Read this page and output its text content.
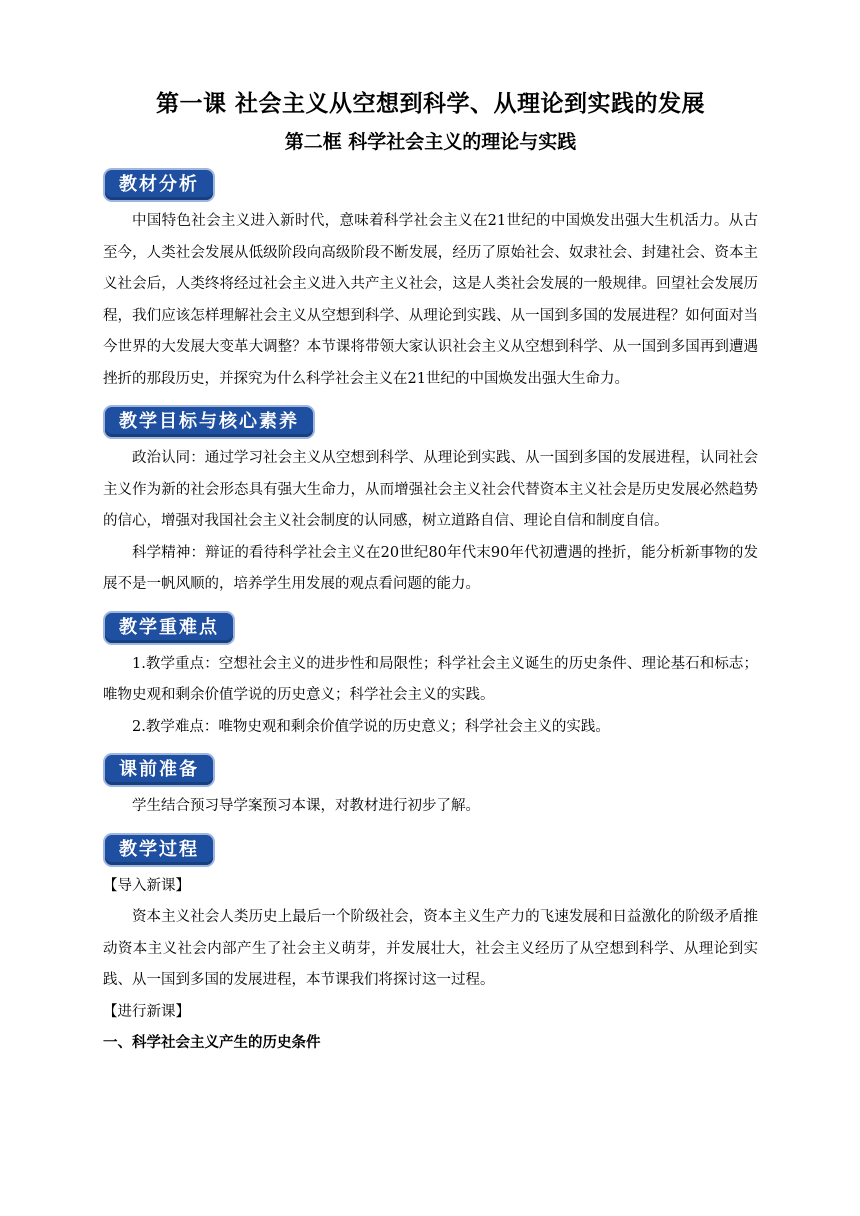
第一课 社会主义从空想到科学、从理论到实践的发展
第二框 科学社会主义的理论与实践
教材分析

中国特色社会主义进入新时代，意味着科学社会主义在21世纪的中国焕发出强大生机活力。从古至今，人类社会发展从低级阶段向高级阶段不断发展，经历了原始社会、奴隶社会、封建社会、资本主义社会后，人类终将经过社会主义进入共产主义社会，这是人类社会发展的一般规律。回望社会发展历程，我们应该怎样理解社会主义从空想到科学、从理论到实践、从一国到多国的发展进程？如何面对当今世界的大发展大变革大调整？本节课将带领大家认识社会主义从空想到科学、从一国到多国再到遭遇挫折的那段历史，并探究为什么科学社会主义在21世纪的中国焕发出强大生命力。

教学目标与核心素养

政治认同：通过学习社会主义从空想到科学、从理论到实践、从一国到多国的发展进程，认同社会主义作为新的社会形态具有强大生命力，从而增强社会主义社会代替资本主义社会是历史发展必然趋势的信心，增强对我国社会主义社会制度的认同感，树立道路自信、理论自信和制度自信。

科学精神：辩证的看待科学社会主义在20世纪80年代末90年代初遭遇的挫折，能分析新事物的发展不是一帆风顺的，培养学生用发展的观点看问题的能力。

教学重难点

1.教学重点：空想社会主义的进步性和局限性；科学社会主义诞生的历史条件、理论基石和标志；唯物史观和剩余价值学说的历史意义；科学社会主义的实践。

2.教学难点：唯物史观和剩余价值学说的历史意义；科学社会主义的实践。

课前准备

学生结合预习导学案预习本课，对教材进行初步了解。

教学过程

【导入新课】

资本主义社会人类历史上最后一个阶级社会，资本主义生产力的飞速发展和日益激化的阶级矛盾推动资本主义社会内部产生了社会主义萌芽，并发展壮大，社会主义经历了从空想到科学、从理论到实践、从一国到多国的发展进程，本节课我们将探讨这一过程。

【进行新课】

一、科学社会主义产生的历史条件
